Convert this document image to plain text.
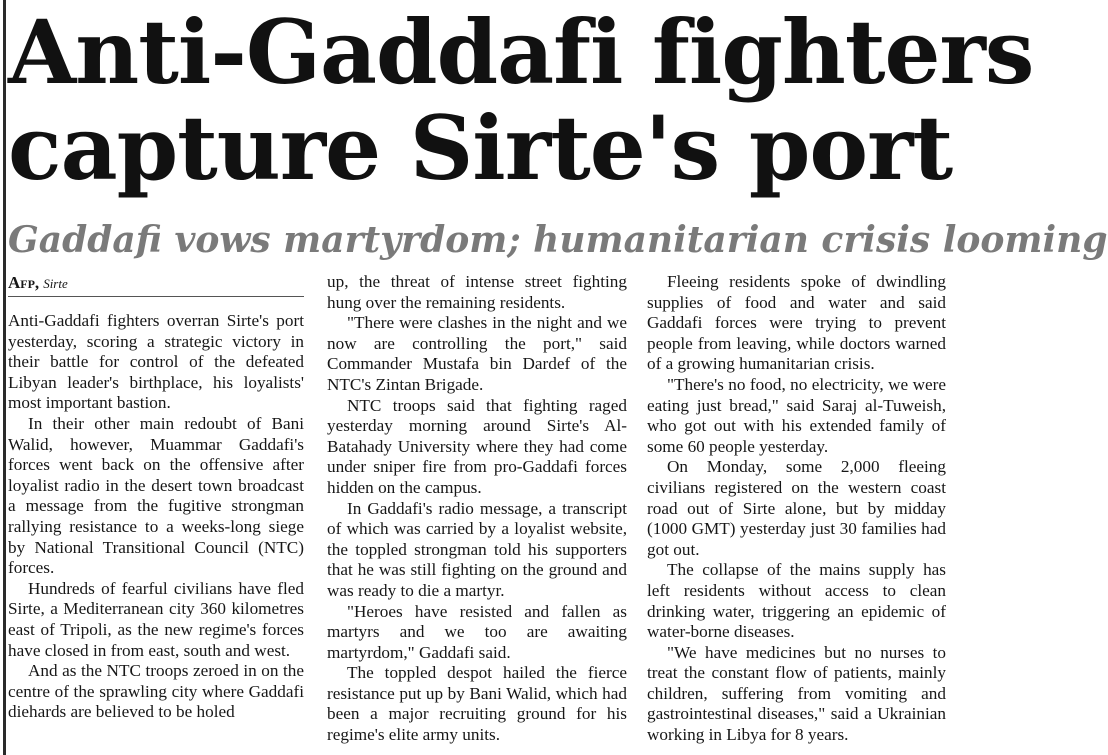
Anti-Gaddafi fighters
capture Sirte's port
Gaddafi vows martyrdom; humanitarian crisis looming
Afp, Sirte

Anti-Gaddafi fighters overran Sirte's port yesterday, scoring a strategic victory in their battle for control of the defeated Libyan leader's birthplace, his loyalists' most important bastion.

In their other main redoubt of Bani Walid, however, Muammar Gaddafi's forces went back on the offensive after loyalist radio in the desert town broadcast a message from the fugitive strongman rallying resistance to a weeks-long siege by National Transitional Council (NTC) forces.

Hundreds of fearful civilians have fled Sirte, a Mediterranean city 360 kilometres east of Tripoli, as the new regime's forces have closed in from east, south and west.

And as the NTC troops zeroed in on the centre of the sprawling city where Gaddafi diehards are believed to be holed

up, the threat of intense street fighting hung over the remaining residents.

"There were clashes in the night and we now are controlling the port," said Commander Mustafa bin Dardef of the NTC's Zintan Brigade.

NTC troops said that fighting raged yesterday morning around Sirte's Al-Batahady University where they had come under sniper fire from pro-Gaddafi forces hidden on the campus.

In Gaddafi's radio message, a transcript of which was carried by a loyalist website, the toppled strongman told his supporters that he was still fighting on the ground and was ready to die a martyr.

"Heroes have resisted and fallen as martyrs and we too are awaiting martyrdom," Gaddafi said.

The toppled despot hailed the fierce resistance put up by Bani Walid, which had been a major recruiting ground for his regime's elite army units.

Fleeing residents spoke of dwindling supplies of food and water and said Gaddafi forces were trying to prevent people from leaving, while doctors warned of a growing humanitarian crisis.

"There's no food, no electricity, we were eating just bread," said Saraj al-Tuweish, who got out with his extended family of some 60 people yesterday.

On Monday, some 2,000 fleeing civilians registered on the western coast road out of Sirte alone, but by midday (1000 GMT) yesterday just 30 families had got out.

The collapse of the mains supply has left residents without access to clean drinking water, triggering an epidemic of water-borne diseases.

"We have medicines but no nurses to treat the constant flow of patients, mainly children, suffering from vomiting and gastrointestinal diseases," said a Ukrainian working in Libya for 8 years.
